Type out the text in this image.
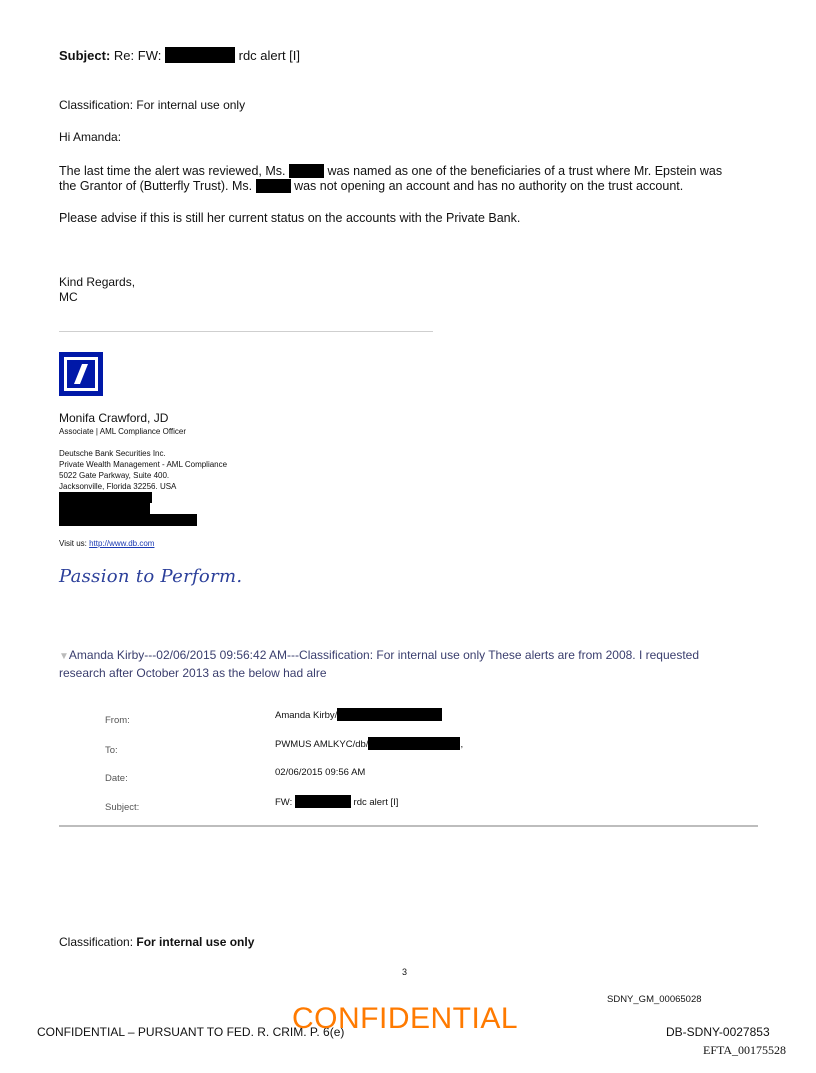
Subject: Re: FW:	rdc alert [I]
Classification: For internal use only
Hi Amanda:
The last time the alert was reviewed, Ms.	was named as one of the beneficiaries of a trust where Mr. Epstein was
the Grantor of (Butterfly Trust). Ms.	was not opening an account and has no authority on the trust account.
Please advise if this is still her current status on the accounts with the Private Bank.
Kind Regards,
MC
Monifa Crawford, JD
Associate | AML Compliance Officer
Deutsche Bank Securities Inc.
Private Wealth Management - AML Compliance
5022 Gate Parkway, Suite 400.
Jacksonville, Florida 32256. USA
Visit us: http://www.db.com
Passion to Perform.
▼Amanda Kirby---02/06/2015 09:56:42 AM---Classification: For internal use only These alerts are from 2008. I requested
research after October 2013 as the below had alre
From:	Amanda Kirby/
To:
PWMUS AMLKYC/db/	,
Date:
02/06/2015 09:56 AM
Subject:	FW:	rdc alert [I]
Classification: For internal use only
3
SDNY_GM_00065028
CONFIDENTIAL – PURSUANT TO FED. R. CRIM. P. 6(e)
CONFIDENTIAL	DB-SDNY-0027853
EFTA_00175528
